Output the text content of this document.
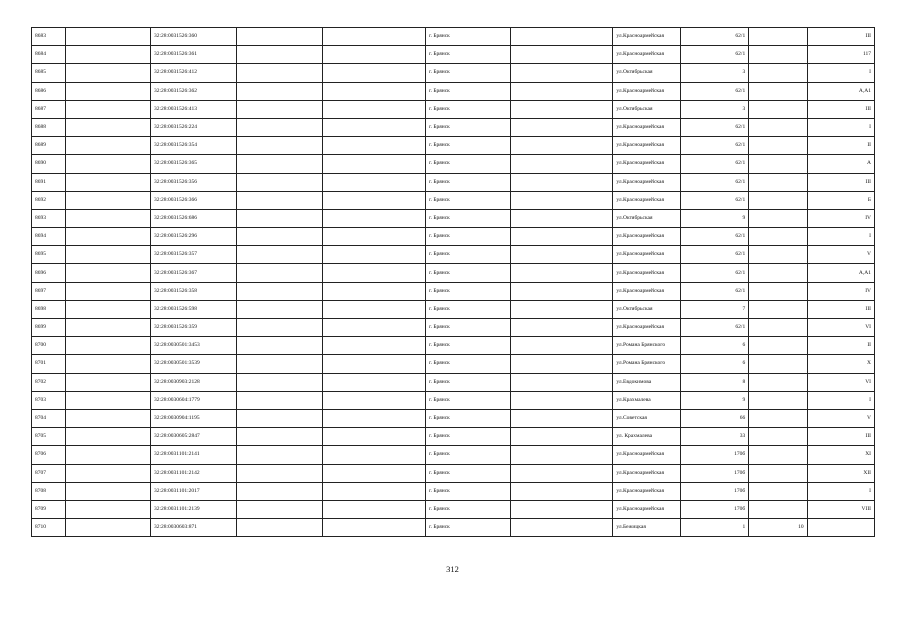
8683		32:28:0031526:360			г. Брянск		ул.Красноармейская	62/1		III
8684		32:28:0031526:361			г. Брянск		ул.Красноармейская	62/1		117
8685		32:28:0031526:412			г. Брянск		ул.Октябрьская	3		I
8686		32:28:0031526:362			г. Брянск		ул.Красноармейская	62/1		А,А1
8687		32:28:0031526:413			г. Брянск		ул.Октябрьская	3		III
8688		32:28:0031526:224			г. Брянск		ул.Красноармейская	62/1		I
8689		32:28:0031526:354			г. Брянск		ул.Красноармейская	62/1		II
8690		32:28:0031526:365			г. Брянск		ул.Красноармейская	62/1		А
8691		32:28:0031526:356			г. Брянск		ул.Красноармейская	62/1		III
8692		32:28:0031526:366			г. Брянск		ул.Красноармейская	62/1		Б
8693		32:28:0031526:686			г. Брянск		ул.Октябрьская	9		IV
8694		32:28:0031526:296			г. Брянск		ул.Красноармейская	62/1		I
8695		32:28:0031526:357			г. Брянск		ул.Красноармейская	62/1		V
8696		32:28:0031526:367			г. Брянск		ул.Красноармейская	62/1		А,А1
8697		32:28:0031526:358			г. Брянск		ул.Красноармейская	62/1		IV
8698		32:28:0031526:598			г. Брянск		ул.Октябрьская	7		III
8699		32:28:0031526:359			г. Брянск		ул.Красноармейская	62/1		VI
8700		32:28:0030501:3453			г. Брянск		ул.Романа Брянского	6		II
8701		32:28:0030501:3539			г. Брянск		ул.Романа Брянского	6		X
8702		32:28:0030903:2128			г. Брянск		ул.Евдокимова	8		VI
8703		32:28:0030604:1779			г. Брянск		ул.Крахмалева	9		I
8704		32:28:0030904:1195			г. Брянск		ул.Советская	66		V
8705		32:28:0030605:2847			г. Брянск		ул. Крахмалева	33		III
8706		32:28:0031101:2141			г. Брянск		ул.Красноармейская	170б		XI
8707		32:28:0031101:2142			г. Брянск		ул.Красноармейская	170б		XII
8708		32:28:0031101:2017			г. Брянск		ул.Красноармейская	170б		I
8709		32:28:0031101:2139			г. Брянск		ул.Красноармейская	170б		VIII
8710		32:28:0030603:871			г. Брянск		ул.Бежицкая	1	10	
312
